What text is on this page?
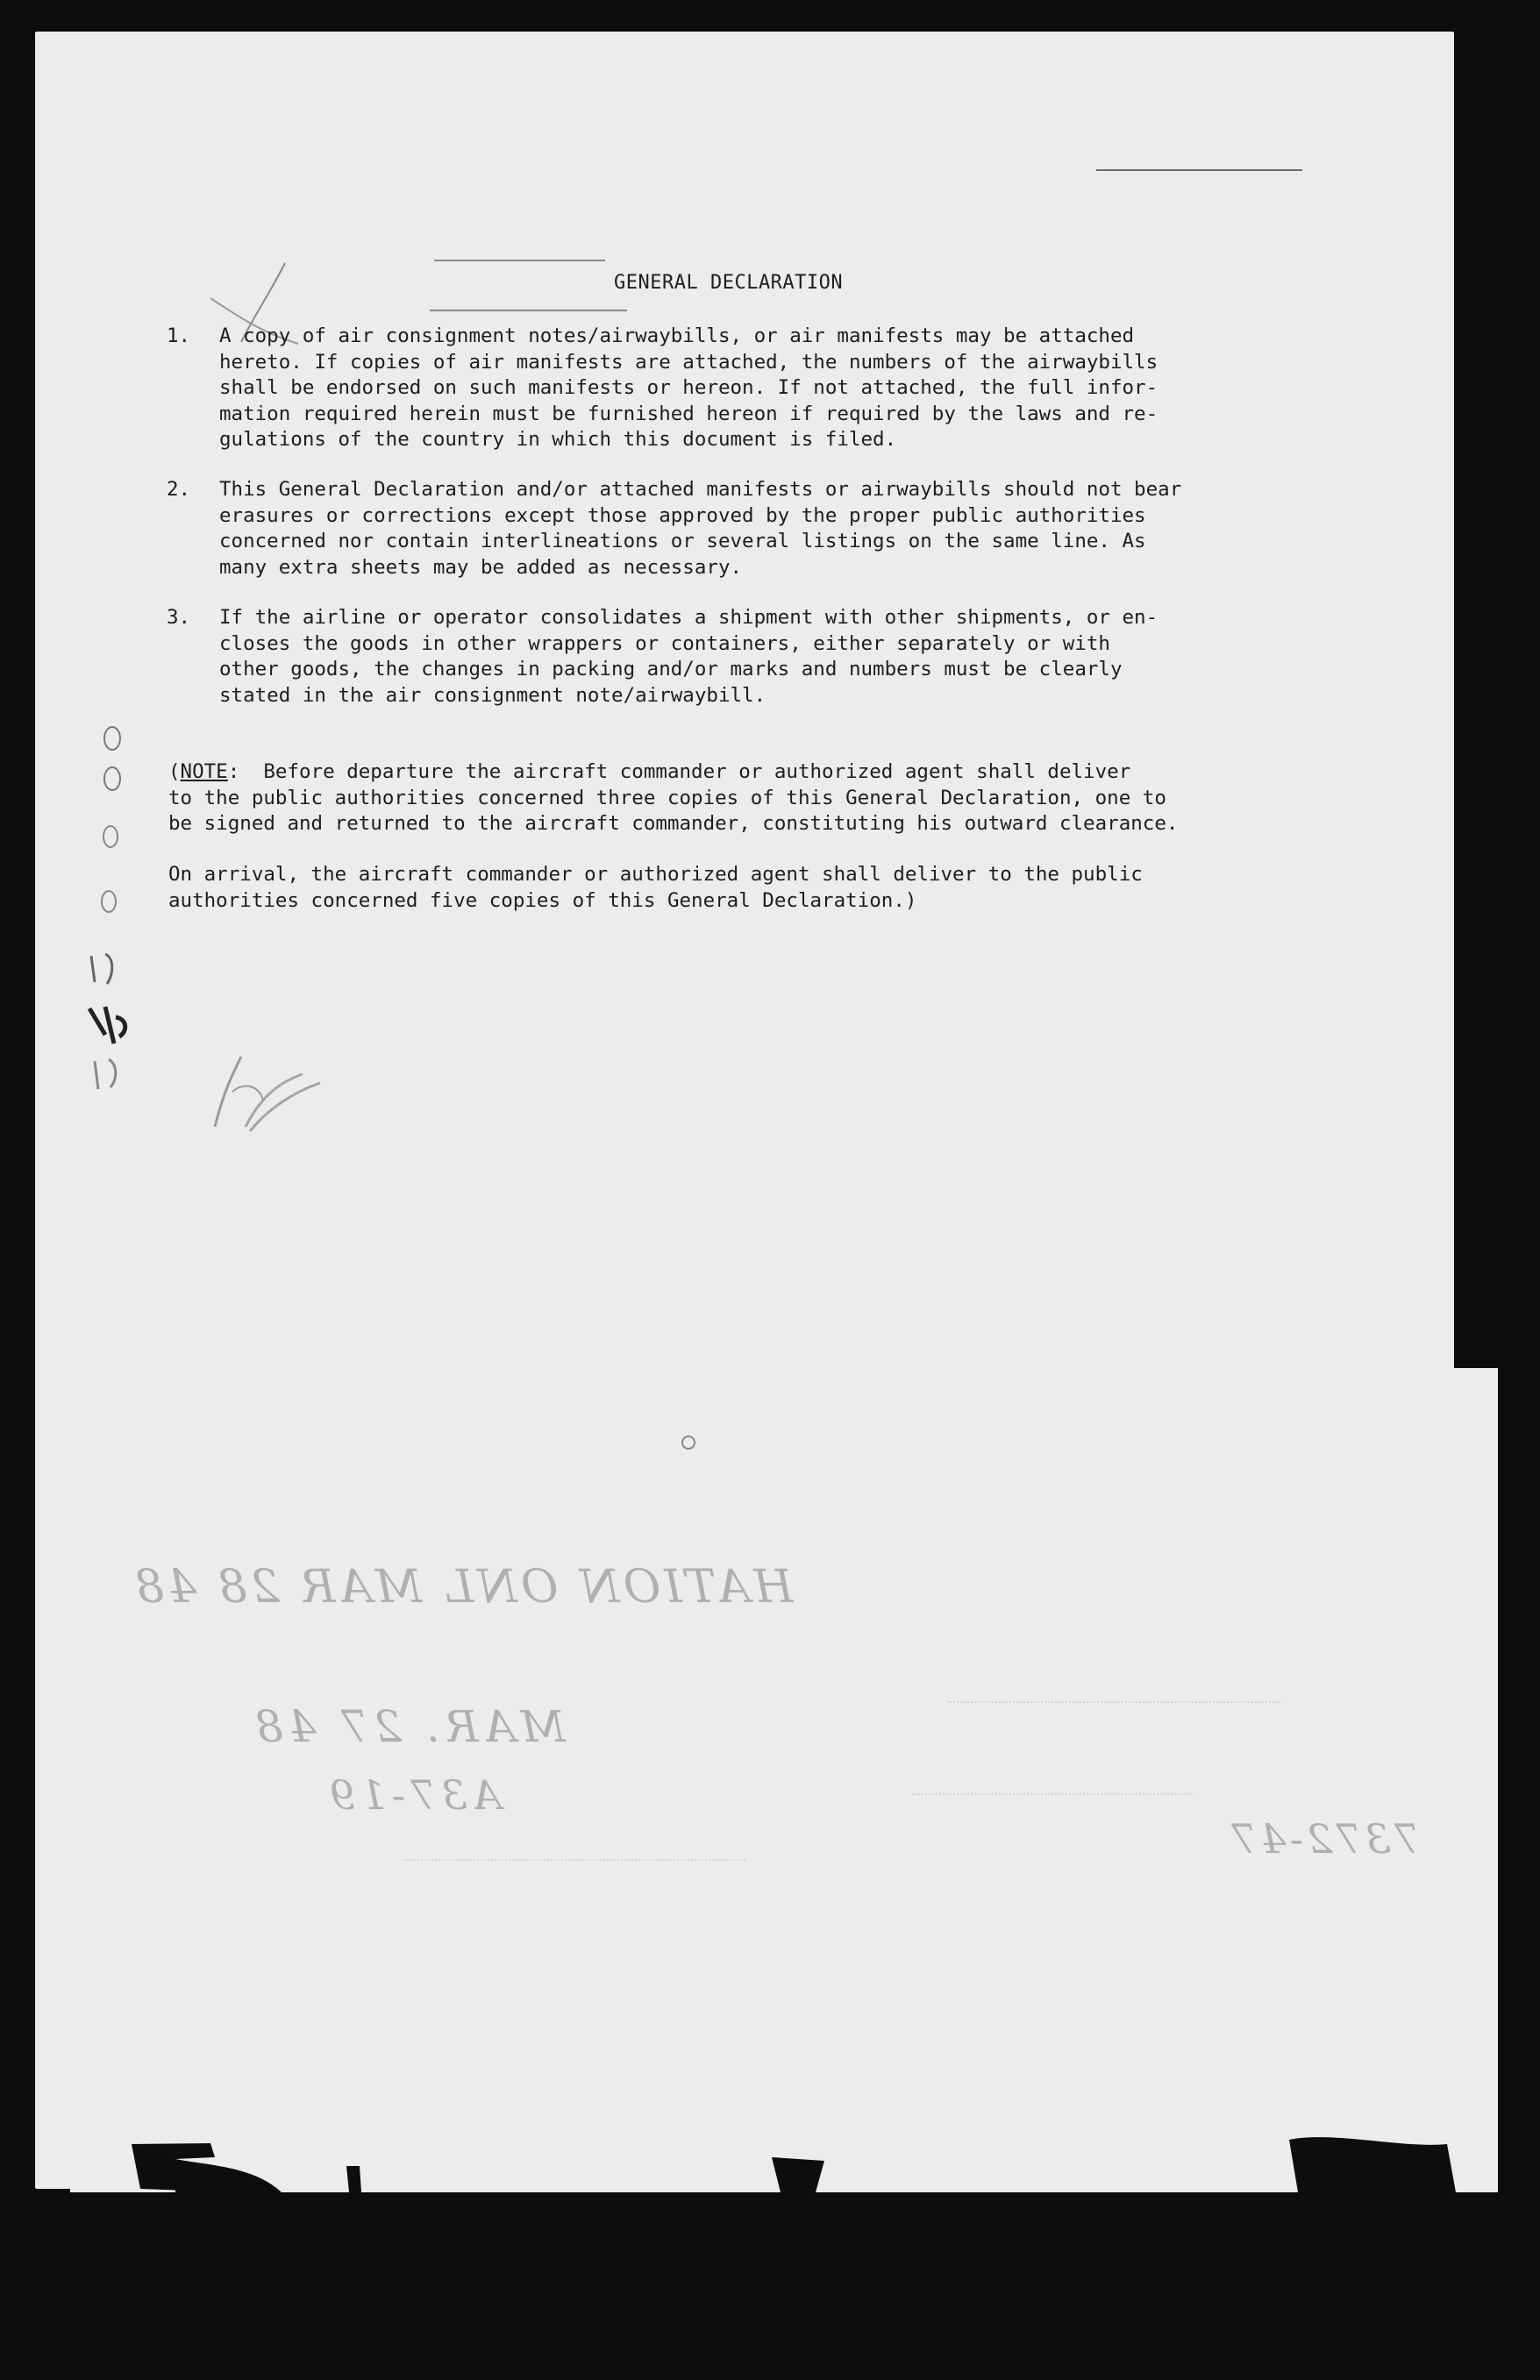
GENERAL DECLARATION
1.	A copy of air consignment notes/airwaybills, or air manifests may be attached
hereto. If copies of air manifests are attached, the numbers of the airwaybills
shall be endorsed on such manifests or hereon. If not attached, the full infor-
mation required herein must be furnished hereon if required by the laws and re-
gulations of the country in which this document is filed.
2.	This General Declaration and/or attached manifests or airwaybills should not bear
erasures or corrections except those approved by the proper public authorities
concerned nor contain interlineations or several listings on the same line. As
many extra sheets may be added as necessary.
3.	If the airline or operator consolidates a shipment with other shipments, or en-
closes the goods in other wrappers or containers, either separately or with
other goods, the changes in packing and/or marks and numbers must be clearly
stated in the air consignment note/airwaybill.
(NOTE:  Before departure the aircraft commander or authorized agent shall deliver
to the public authorities concerned three copies of this General Declaration, one to
be signed and returned to the aircraft commander, constituting his outward clearance.
On arrival, the aircraft commander or authorized agent shall deliver to the public
authorities concerned five copies of this General Declaration.)
HATION ONL MAR 28 48
MAR. 27 48
A37-19
7372-47
